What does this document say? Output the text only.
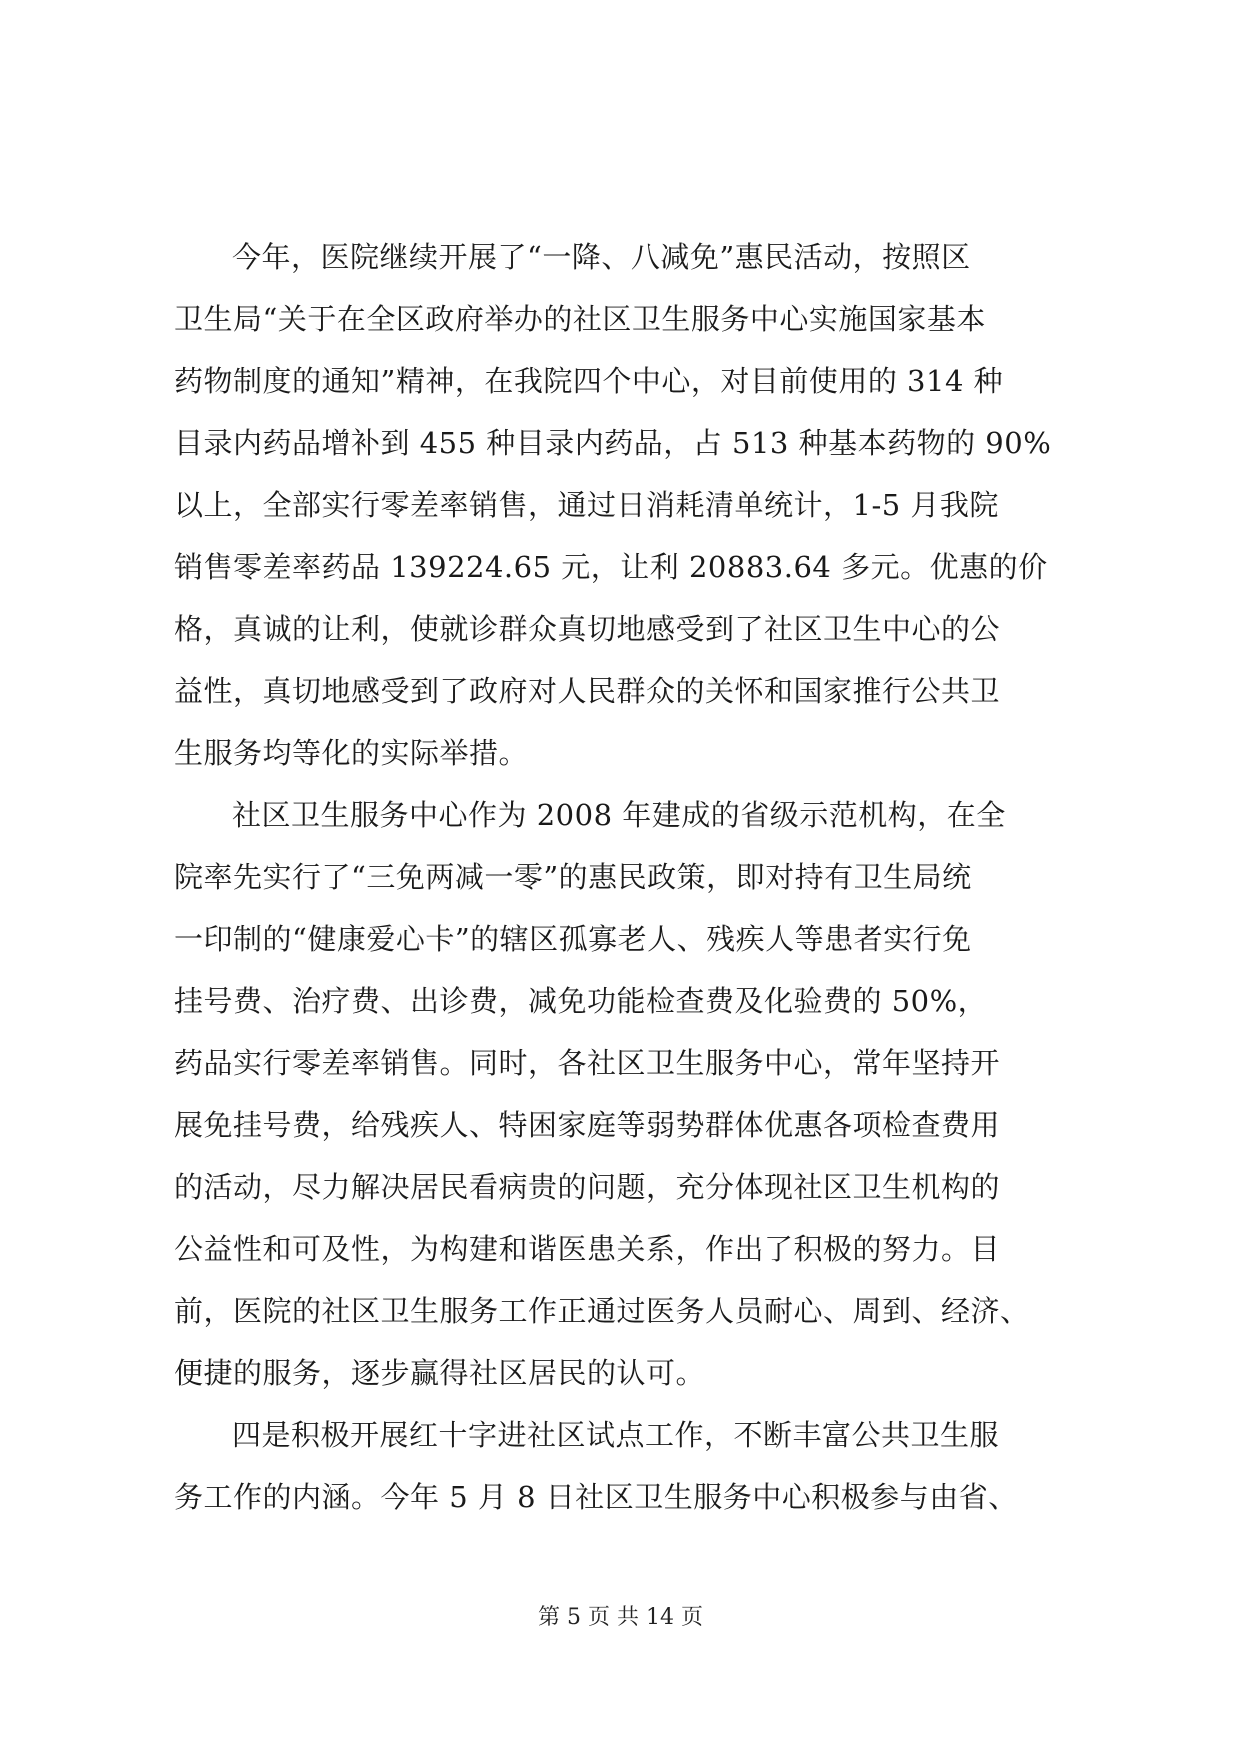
今年，医院继续开展了“一降、八减免”惠民活动，按照区
卫生局“关于在全区政府举办的社区卫生服务中心实施国家基本
药物制度的通知”精神，在我院四个中心，对目前使用的 314 种
目录内药品增补到 455 种目录内药品，占 513 种基本药物的 90%
以上，全部实行零差率销售，通过日消耗清单统计，1-5 月我院
销售零差率药品 139224.65 元，让利 20883.64 多元。优惠的价
格，真诚的让利，使就诊群众真切地感受到了社区卫生中心的公
益性，真切地感受到了政府对人民群众的关怀和国家推行公共卫
生服务均等化的实际举措。
社区卫生服务中心作为 2008 年建成的省级示范机构，在全
院率先实行了“三免两减一零”的惠民政策，即对持有卫生局统
一印制的“健康爱心卡”的辖区孤寡老人、残疾人等患者实行免
挂号费、治疗费、出诊费，减免功能检查费及化验费的 50%，
药品实行零差率销售。同时，各社区卫生服务中心，常年坚持开
展免挂号费，给残疾人、特困家庭等弱势群体优惠各项检查费用
的活动，尽力解决居民看病贵的问题，充分体现社区卫生机构的
公益性和可及性，为构建和谐医患关系，作出了积极的努力。目
前，医院的社区卫生服务工作正通过医务人员耐心、周到、经济、
便捷的服务，逐步赢得社区居民的认可。
四是积极开展红十字进社区试点工作，不断丰富公共卫生服
务工作的内涵。今年 5 月 8 日社区卫生服务中心积极参与由省、
第 5 页 共 14 页
